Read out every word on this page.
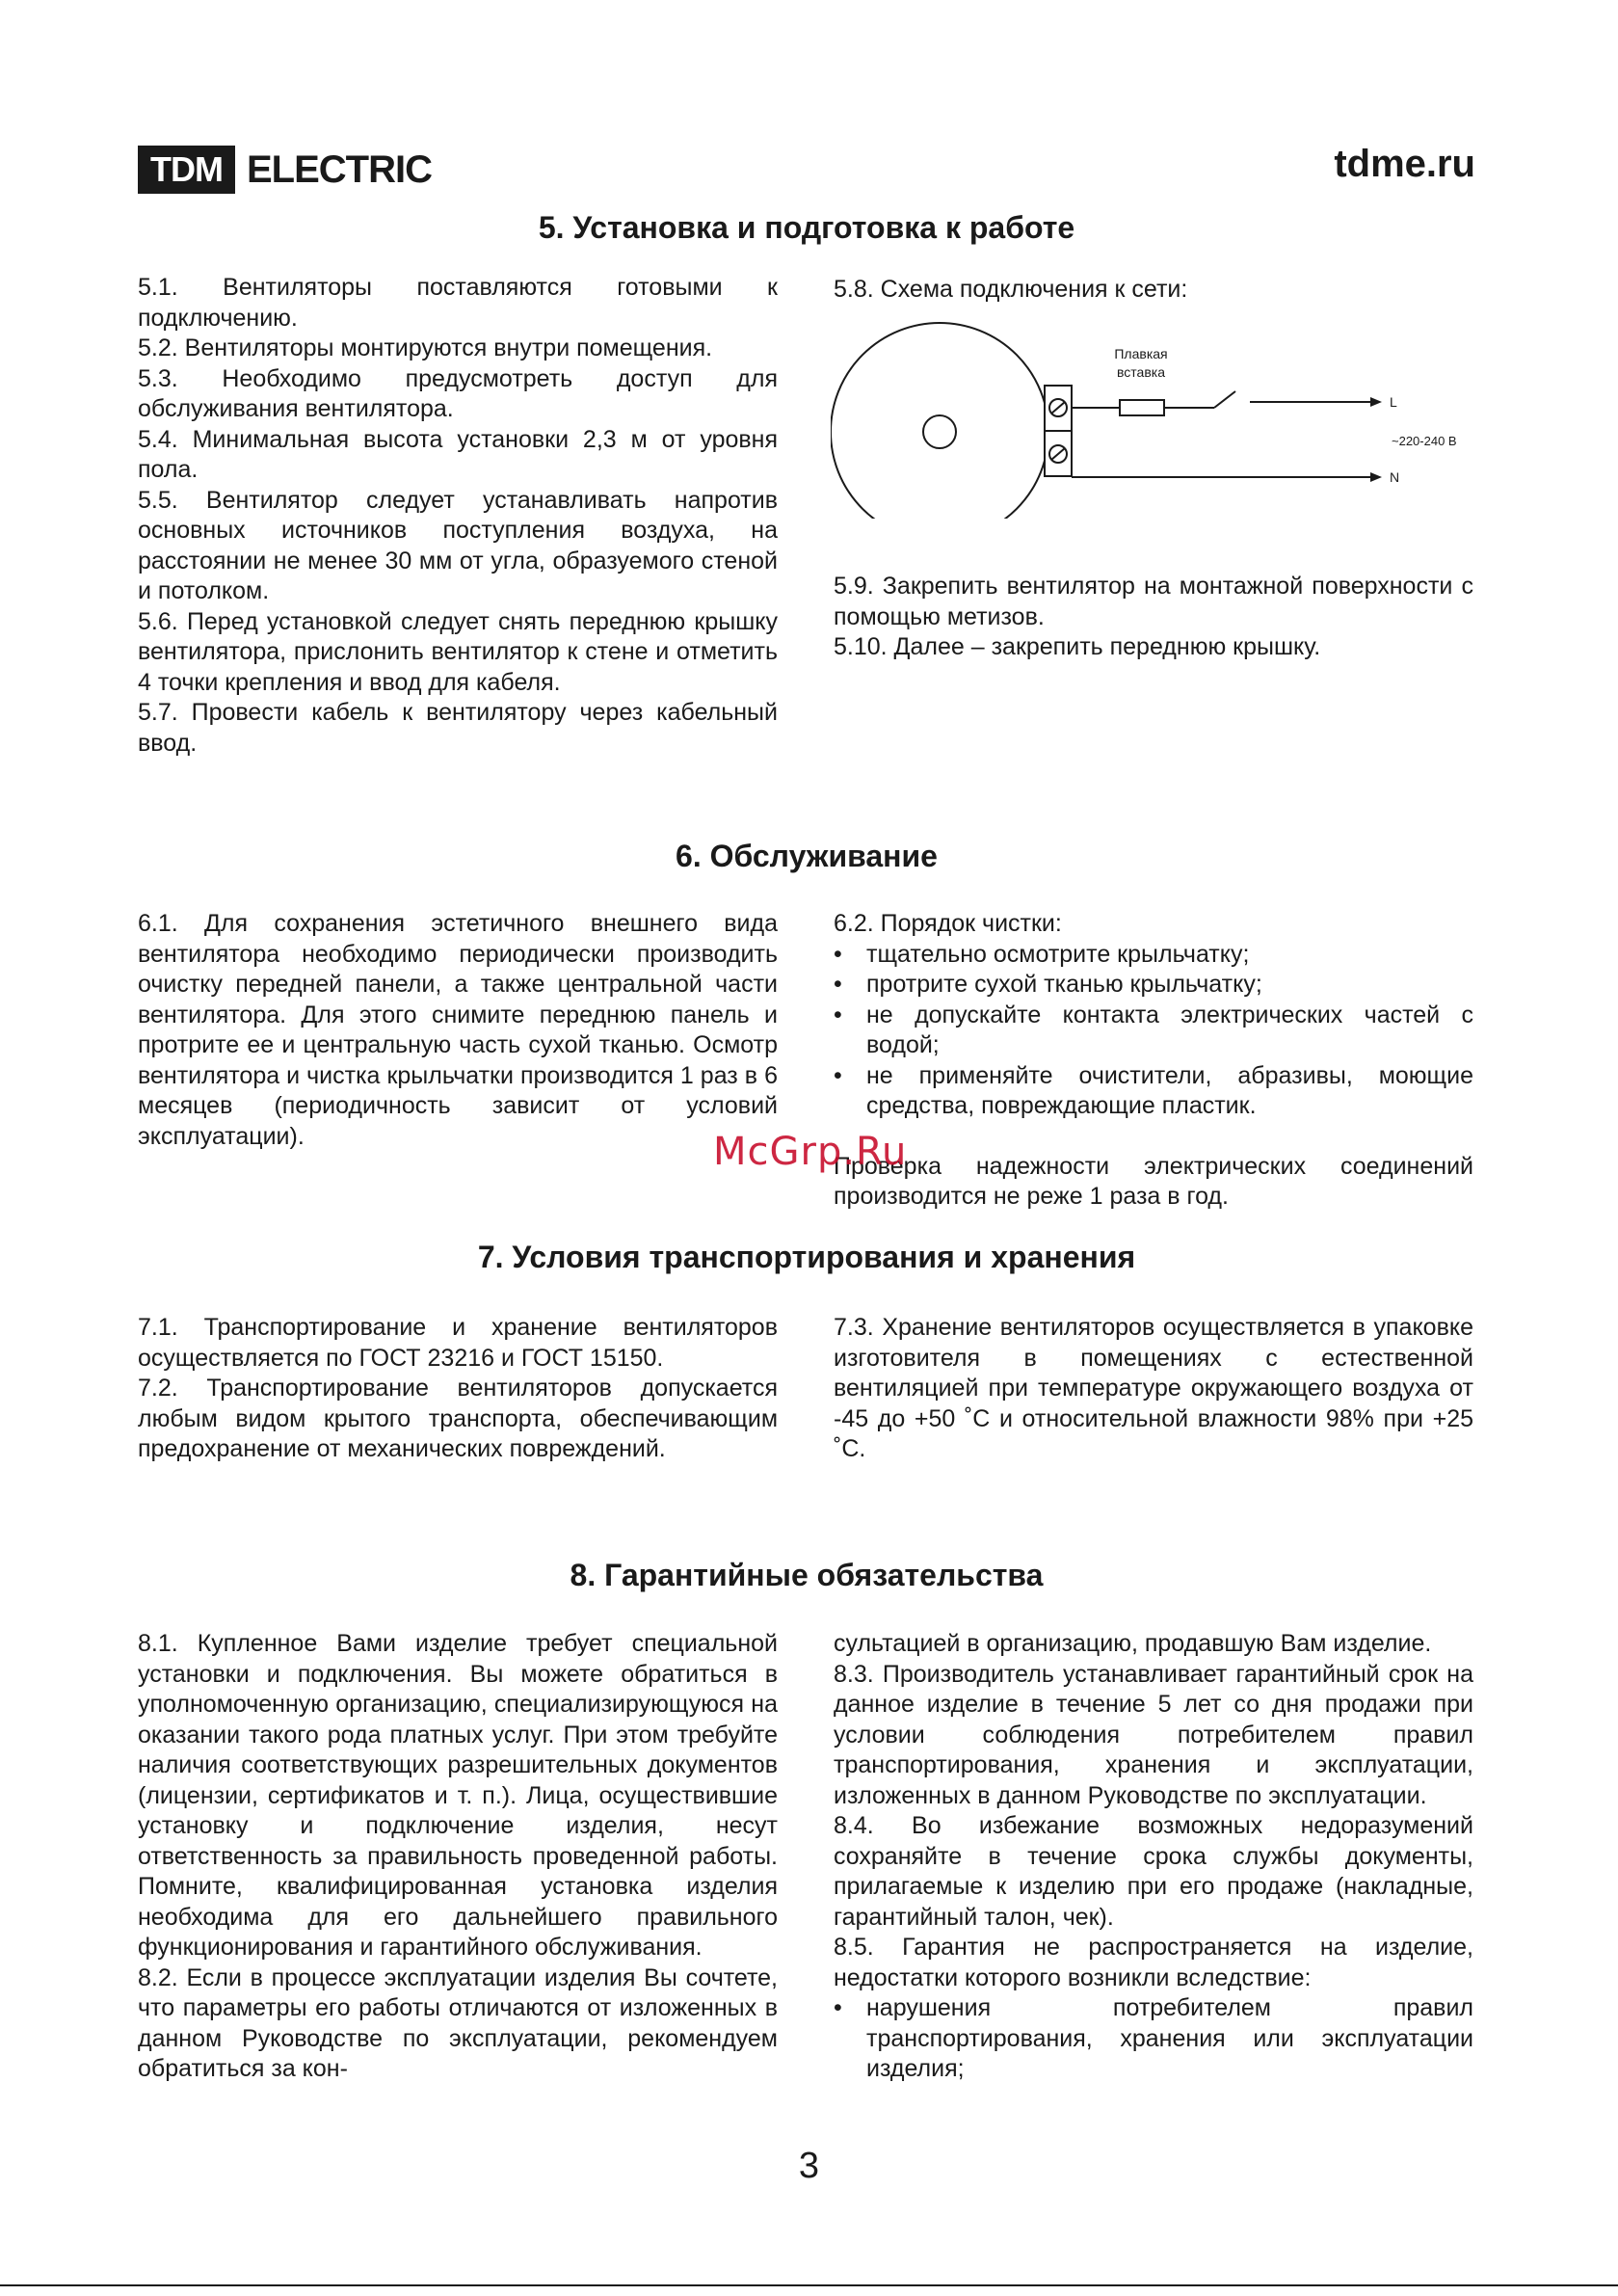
TDM ELECTRIC	tdme.ru
5. Установка и подготовка к работе

5.1. Вентиляторы поставляются готовыми к подключению.

5.2. Вентиляторы монтируются внутри помещения.

5.3. Необходимо предусмотреть доступ для обслуживания вентилятора.

5.4. Минимальная высота установки 2,3 м от уровня пола.

5.5. Вентилятор следует устанавливать напротив основных источников поступления воздуха, на расстоянии не менее 30 мм от угла, образуемого стеной и потолком.

5.6. Перед установкой следует снять переднюю крышку вентилятора, прислонить вентилятор к стене и отметить 4 точки крепления и ввод для кабеля.

5.7. Провести кабель к вентилятору через кабельный ввод.

5.8. Схема подключения к сети:

Плавкая
вставка
L
N
~220-240 В

5.9. Закрепить вентилятор на монтажной поверхности с помощью метизов.

5.10. Далее – закрепить переднюю крышку.

6. Обслуживание

6.1. Для сохранения эстетичного внешнего вида вентилятора необходимо периодически производить очистку передней панели, а также центральной части вентилятора. Для этого снимите переднюю панель и протрите ее и центральную часть сухой тканью. Осмотр вентилятора и чистка крыльчатки производится 1 раз в 6 месяцев (периодичность зависит от условий эксплуатации).

6.2. Порядок чистки:

• тщательно осмотрите крыльчатку;
• протрите сухой тканью крыльчатку;
• не допускайте контакта электрических частей с водой;
• не применяйте очистители, абразивы, моющие средства, повреждающие пластик.

Проверка надежности электрических соединений производится не реже 1 раза в год.

7. Условия транспортирования и хранения

7.1. Транспортирование и хранение вентиляторов осуществляется по ГОСТ 23216 и ГОСТ 15150.

7.2. Транспортирование вентиляторов допускается любым видом крытого транспорта, обеспечивающим предохранение от механических повреждений.

7.3. Хранение вентиляторов осуществляется в упаковке изготовителя в помещениях с естественной вентиляцией при температуре окружающего воздуха от -45 до +50 ˚С и относительной влажности 98% при +25 ˚С.

8. Гарантийные обязательства

8.1. Купленное Вами изделие требует специальной установки и подключения. Вы можете обратиться в уполномоченную организацию, специализирующуюся на оказании такого рода платных услуг. При этом требуйте наличия соответствующих разрешительных документов (лицензии, сертификатов и т. п.). Лица, осуществившие установку и подключение изделия, несут ответственность за правильность проведенной работы. Помните, квалифицированная установка изделия необходима для его дальнейшего правильного функционирования и гарантийного обслуживания.

8.2. Если в процессе эксплуатации изделия Вы сочтете, что параметры его работы отличаются от изложенных в данном Руководстве по эксплуатации, рекомендуем обратиться за кон-

сультацией в организацию, продавшую Вам изделие.

8.3. Производитель устанавливает гарантийный срок на данное изделие в течение 5 лет со дня продажи при условии соблюдения потребителем правил транспортирования, хранения и эксплуатации, изложенных в данном Руководстве по эксплуатации.

8.4. Во избежание возможных недоразумений сохраняйте в течение срока службы документы, прилагаемые к изделию при его продаже (накладные, гарантийный талон, чек).

8.5. Гарантия не распространяется на изделие, недостатки которого возникли вследствие:

• нарушения потребителем правил транспортирования, хранения или эксплуатации изделия;
McGrp.Ru
3
